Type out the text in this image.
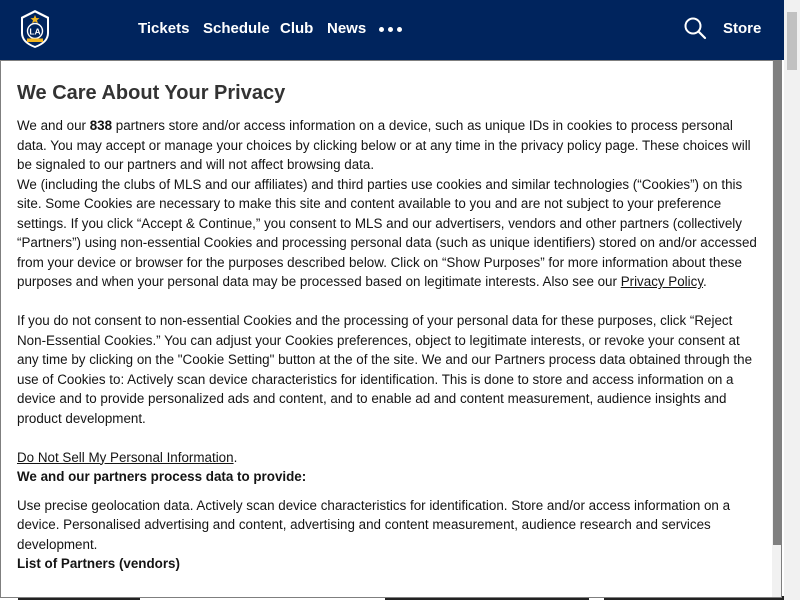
LA	Tickets Schedule Club News	Store
We Care About Your Privacy

We and our 838 partners store and/or access information on a device, such as unique IDs in cookies to process personal data. You may accept or manage your choices by clicking below or at any time in the privacy policy page. These choices will be signaled to our partners and will not affect browsing data.

We (including the clubs of MLS and our affiliates) and third parties use cookies and similar technologies (“Cookies”) on this site. Some Cookies are necessary to make this site and content available to you and are not subject to your preference settings. If you click “Accept & Continue,” you consent to MLS and our advertisers, vendors and other partners (collectively “Partners”) using non-essential Cookies and processing personal data (such as unique identifiers) stored on and/or accessed from your device or browser for the purposes described below. Click on “Show Purposes” for more information about these purposes and when your personal data may be processed based on legitimate interests. Also see our Privacy Policy.

If you do not consent to non-essential Cookies and the processing of your personal data for these purposes, click “Reject Non-Essential Cookies.” You can adjust your Cookies preferences, object to legitimate interests, or revoke your consent at any time by clicking on the "Cookie Setting" button at the of the site. We and our Partners process data obtained through the use of Cookies to: Actively scan device characteristics for identification. This is done to store and access information on a device and to provide personalized ads and content, and to enable ad and content measurement, audience insights and product development.

Do Not Sell My Personal Information.

We and our partners process data to provide:

Use precise geolocation data. Actively scan device characteristics for identification. Store and/or access information on a device. Personalised advertising and content, advertising and content measurement, audience research and services development.

List of Partners (vendors)
